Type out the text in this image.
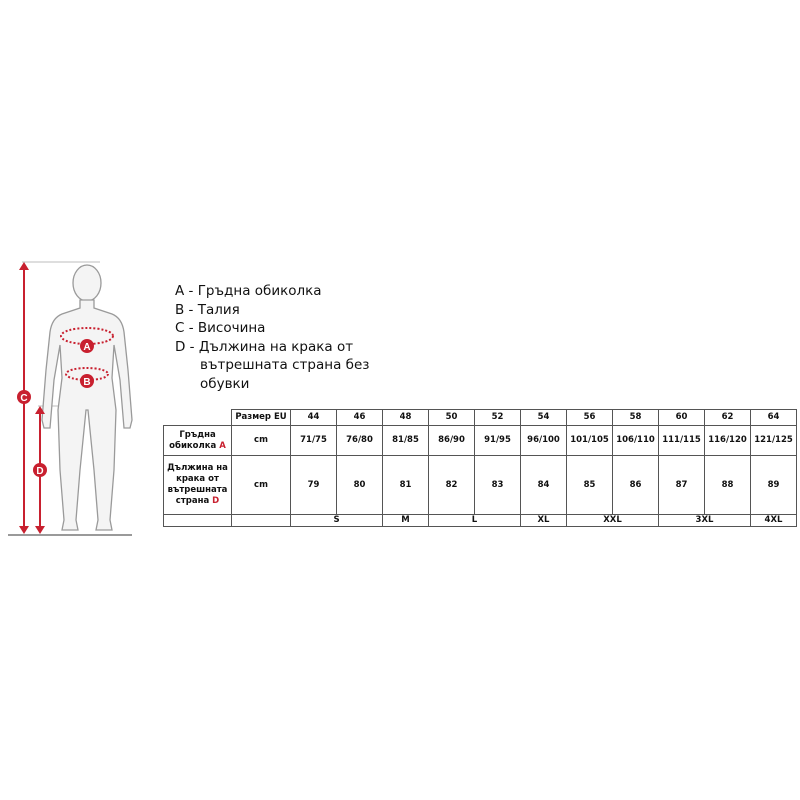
A
B
C
D
A - Гръдна обиколка
B - Талия
C - Височина
D - Дължина на крака от
вътрешната страна без
обувки
	Размер EU	44	46	48	50	52	54	56	58	60	62	64
Гръдна
обиколка A	cm	71/75	76/80	81/85	86/90	91/95	96/100	101/105	106/110	111/115	116/120	121/125
Дължина на
крака от
вътрешната
страна D	cm	79	80	81	82	83	84	85	86	87	88	89
		S		M	L		XL	XXL		3XL		4XL
